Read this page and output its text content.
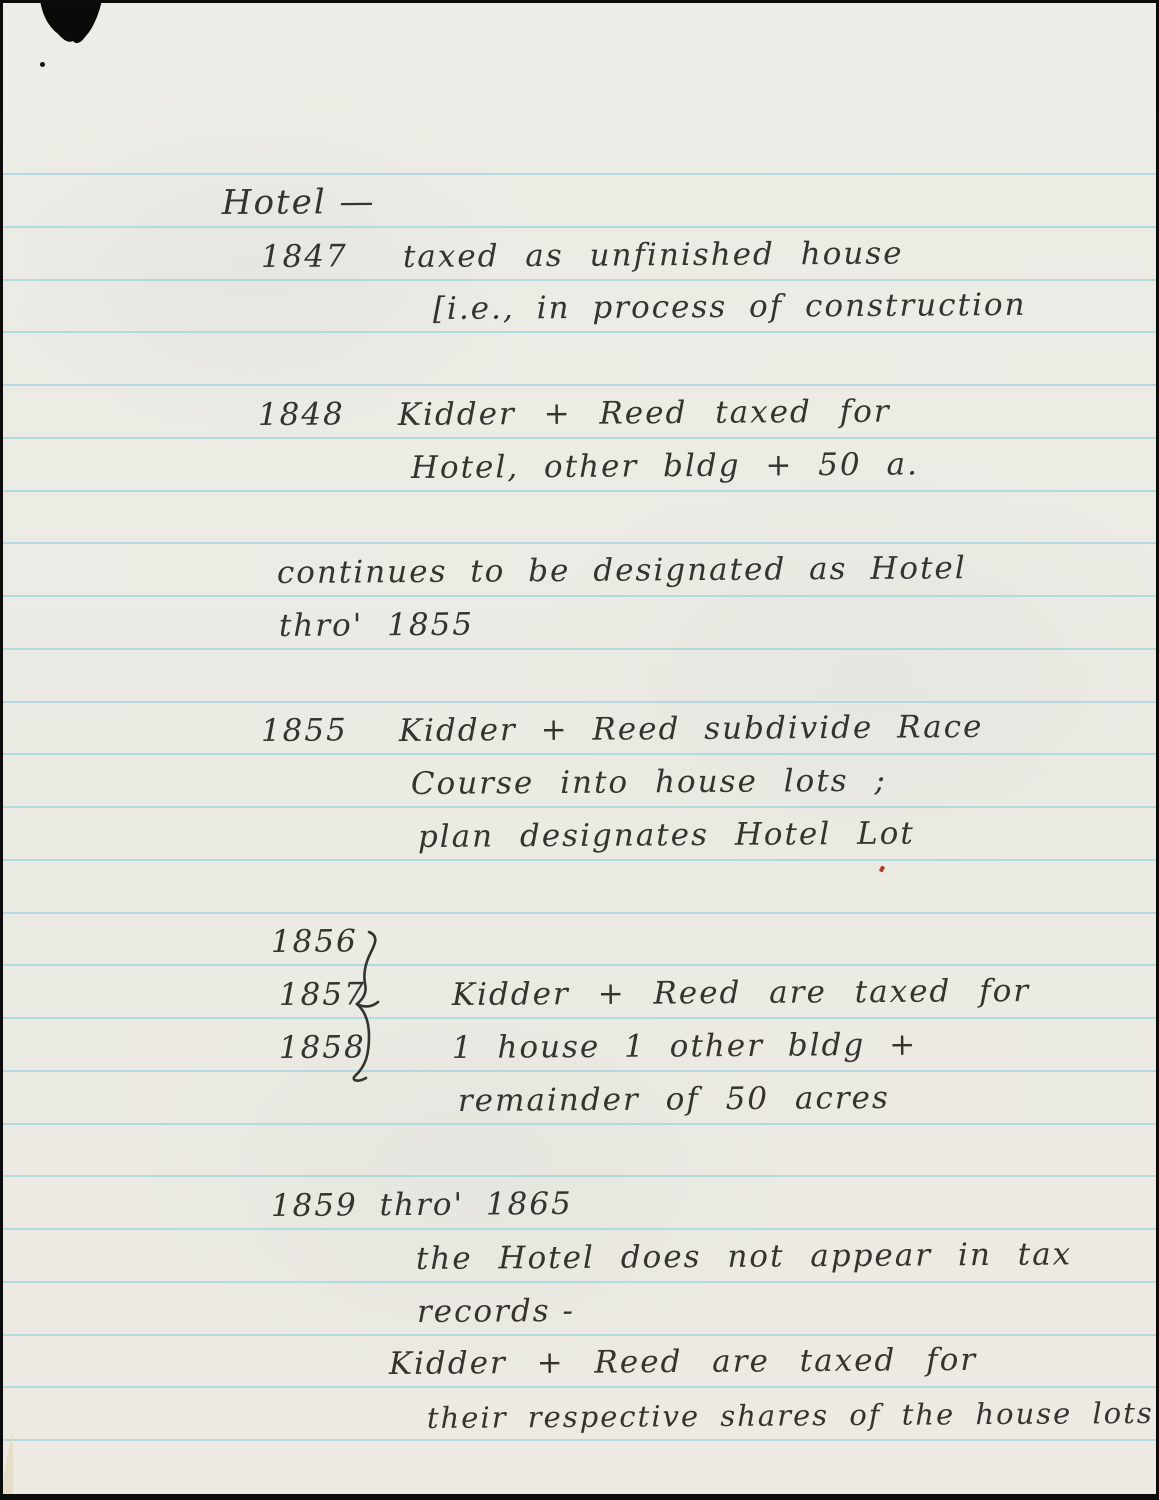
Hotel —
1847 taxed as unfinished house
[i.e., in process of construction
1848 Kidder + Reed taxed for
Hotel, other bldg + 50 a.
continues to be designated as Hotel
thro' 1855
1855 Kidder + Reed subdivide Race
Course into house lots ;
plan designates Hotel Lot
1856
1857
1858
Kidder + Reed are taxed for
1 house 1 other bldg +
remainder of 50 acres
1859 thro' 1865
the Hotel does not appear in tax
records -
Kidder + Reed are taxed for
their respective shares of the house lots
